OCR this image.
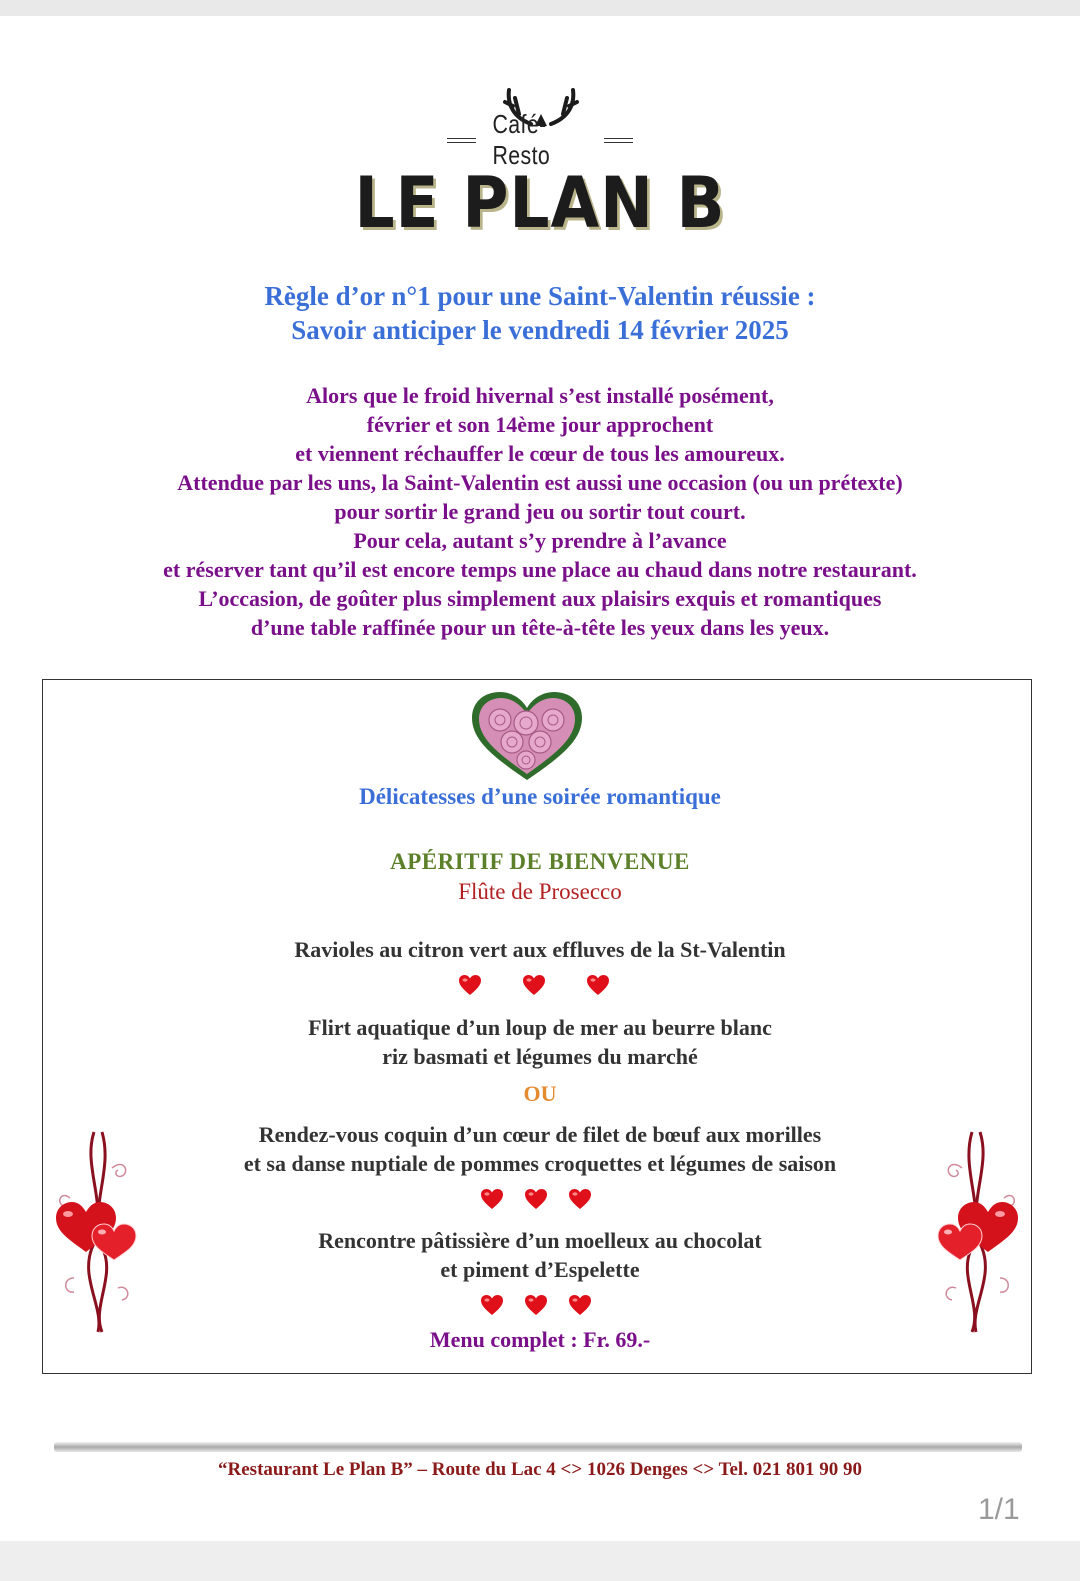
Café-Resto
LE PLAN B
Règle d’or n°1 pour une Saint-Valentin réussie :
Savoir anticiper le vendredi 14 février 2025
Alors que le froid hivernal s’est installé posément,
février et son 14ème jour approchent
et viennent réchauffer le cœur de tous les amoureux.
Attendue par les uns, la Saint-Valentin est aussi une occasion (ou un prétexte)
pour sortir le grand jeu ou sortir tout court.
Pour cela, autant s’y prendre à l’avance
et réserver tant qu’il est encore temps une place au chaud dans notre restaurant.
L’occasion, de goûter plus simplement aux plaisirs exquis et romantiques
d’une table raffinée pour un tête-à-tête les yeux dans les yeux.
Délicatesses d’une soirée romantique
APÉRITIF DE BIENVENUE
Flûte de Prosecco
Ravioles au citron vert aux effluves de la St-Valentin
Flirt aquatique d’un loup de mer au beurre blanc
riz basmati et légumes du marché
OU
Rendez-vous coquin d’un cœur de filet de bœuf aux morilles
et sa danse nuptiale de pommes croquettes et légumes de saison
Rencontre pâtissière d’un moelleux au chocolat
et piment d’Espelette
Menu complet : Fr. 69.-
“Restaurant Le Plan B” – Route du Lac 4 <> 1026 Denges <> Tel. 021 801 90 90
1/1
